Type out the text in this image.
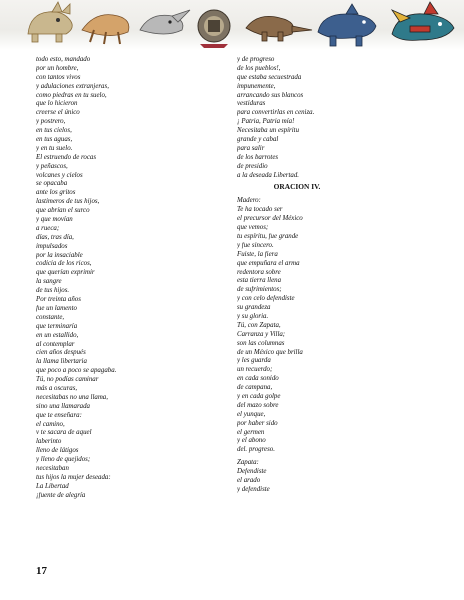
todo esto, mandado
por un hombre,
con tantos vivos
y adulaciones extranjeras,
como piedras en tu suelo,
que lo hicieron
creerse el único
y postrero,
en tus cielos,
en tus aguas,
y en tu suelo.
El estruendo de rocas
y peñascos,
volcanes y cielos
se opacaba
ante los gritos
lastimeros de tus hijos,
que abrían el surco
y que movían
a rueca;
días, tras día,
impulsados
por la insaciable
codicia de los ricos,
que querían exprimir
la sangre
de tus hijos.
Por treinta años
fue un lamento
constante,
que terminaría
en un estallido,
al contemplar
cien años después
la llama libertaria
que poco a poco se apagaba.
Tú, no podías caminar
más a oscuras,
necesitabas no una llama,
sino una llamarada
que te enseñara:
el camino,
v te sacara de aquel
laberinto
lleno de látigos
y lleno de quejidos;
necesitaban
tus hijos la mujer deseada:
La Libertad
¡fuente de alegría
y de progreso
de los pueblos!,
que estaba secuestrada
impunemente,
arrancando sus blancos
vestiduras
para convertirlas en ceniza.
¡ Patria, Patria mía!
Necesitaba un espíritu
grande y cabal
para salir
de los barrotes
de presidio
a la deseada Libertad.
ORACION IV.
Madero:
Te ha tocado ser
el precursor del México
que vemos;
tu espíritu, fue grande
y fue sincero.
Fuiste, la fiera
que empuñara el arma
redentora sobre
esta tierra llena
de sufrimientos;
y con celo defendiste
su grandeza
y su gloria.
Tú, con Zapata,
Carranza y Villa;
son las columnas
de un México que brilla
y les guarda
un recuerdo;
en cada sonido
de campana,
y en cada golpe
del mazo sobre
el yunque,
por haber sido
el germen
y el abono
del. progreso.
Zapata:
Defendiste
el arado
y defendiste
17
